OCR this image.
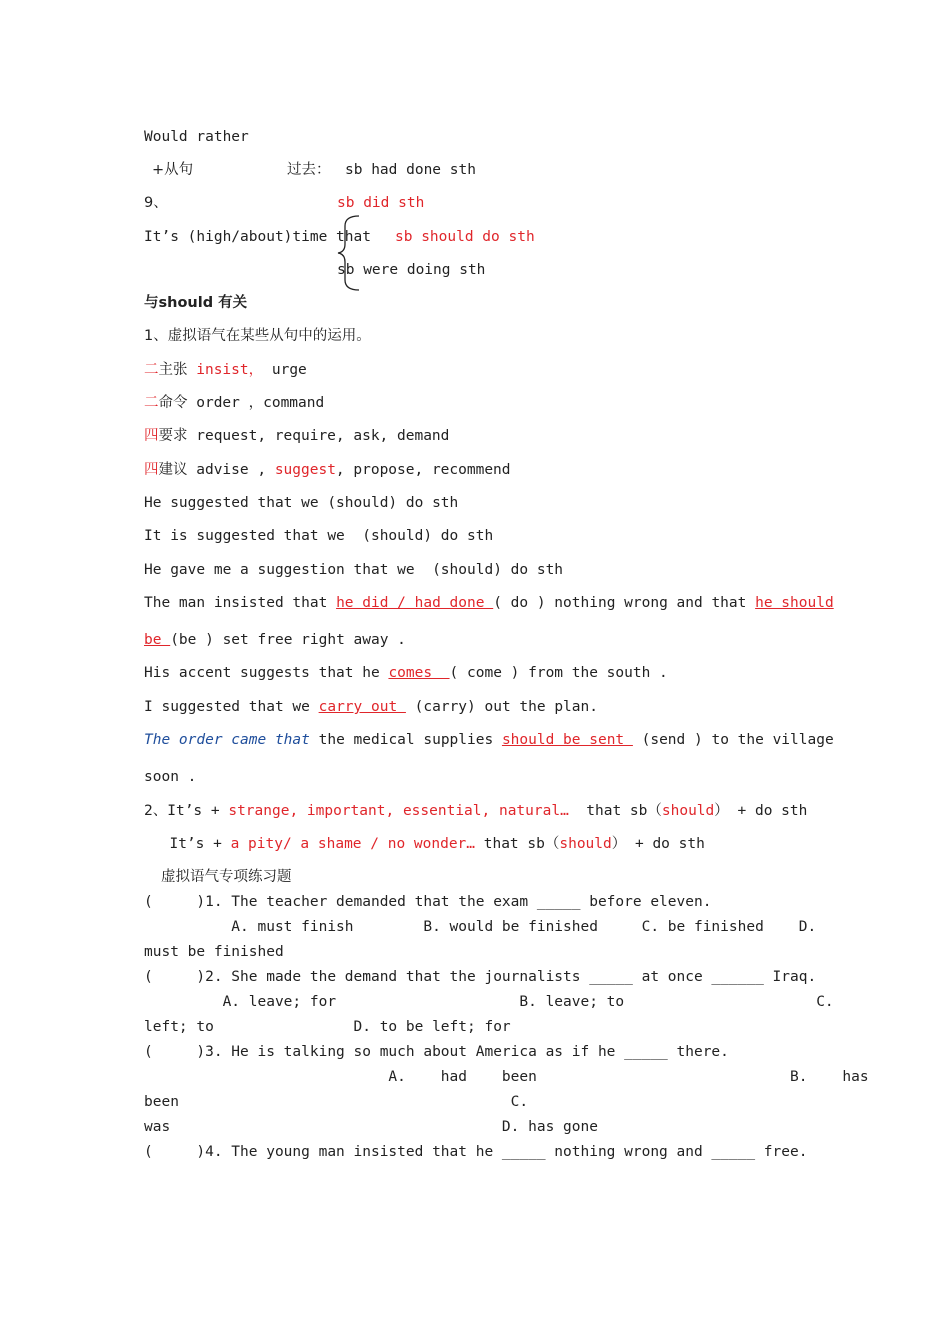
Would rather
+从句	过去： sb had done sth
9、	sb did sth
It’s (high/about)time that sb should do sth
sb were doing sth
与should 有关
1、虚拟语气在某些从句中的运用。
二主张 insist， urge
二命令 order ，command
四要求 request, require, ask, demand
四建议 advise , suggest, propose, recommend
He suggested that we (should) do sth
It is suggested that we  (should) do sth
He gave me a suggestion that we  (should) do sth
The man insisted that he did / had done ( do ) nothing wrong and that he should
be (be ) set free right away .
His accent suggests that he comes  ( come ) from the south .
I suggested that we carry out  (carry) out the plan.
The order came that the medical supplies should be sent  (send ) to the village
soon .
2、It’s + strange, important, essential, natural…  that sb（should） + do sth
It’s + a pity/ a shame / no wonder… that sb（should） + do sth
虚拟语气专项练习题
(     )1. The teacher demanded that the exam _____ before eleven.
A. must finish        B. would be finished     C. be finished    D.
must be finished
(     )2. She made the demand that the journalists _____ at once ______ Iraq.
A. leave; for                     B. leave; to                      C.
left; to                D. to be left; for
(     )3. He is talking so much about America as if he _____ there.
A.    had    been                             B.    has
been                                      C.
was                                      D. has gone
(     )4. The young man insisted that he _____ nothing wrong and _____ free.
